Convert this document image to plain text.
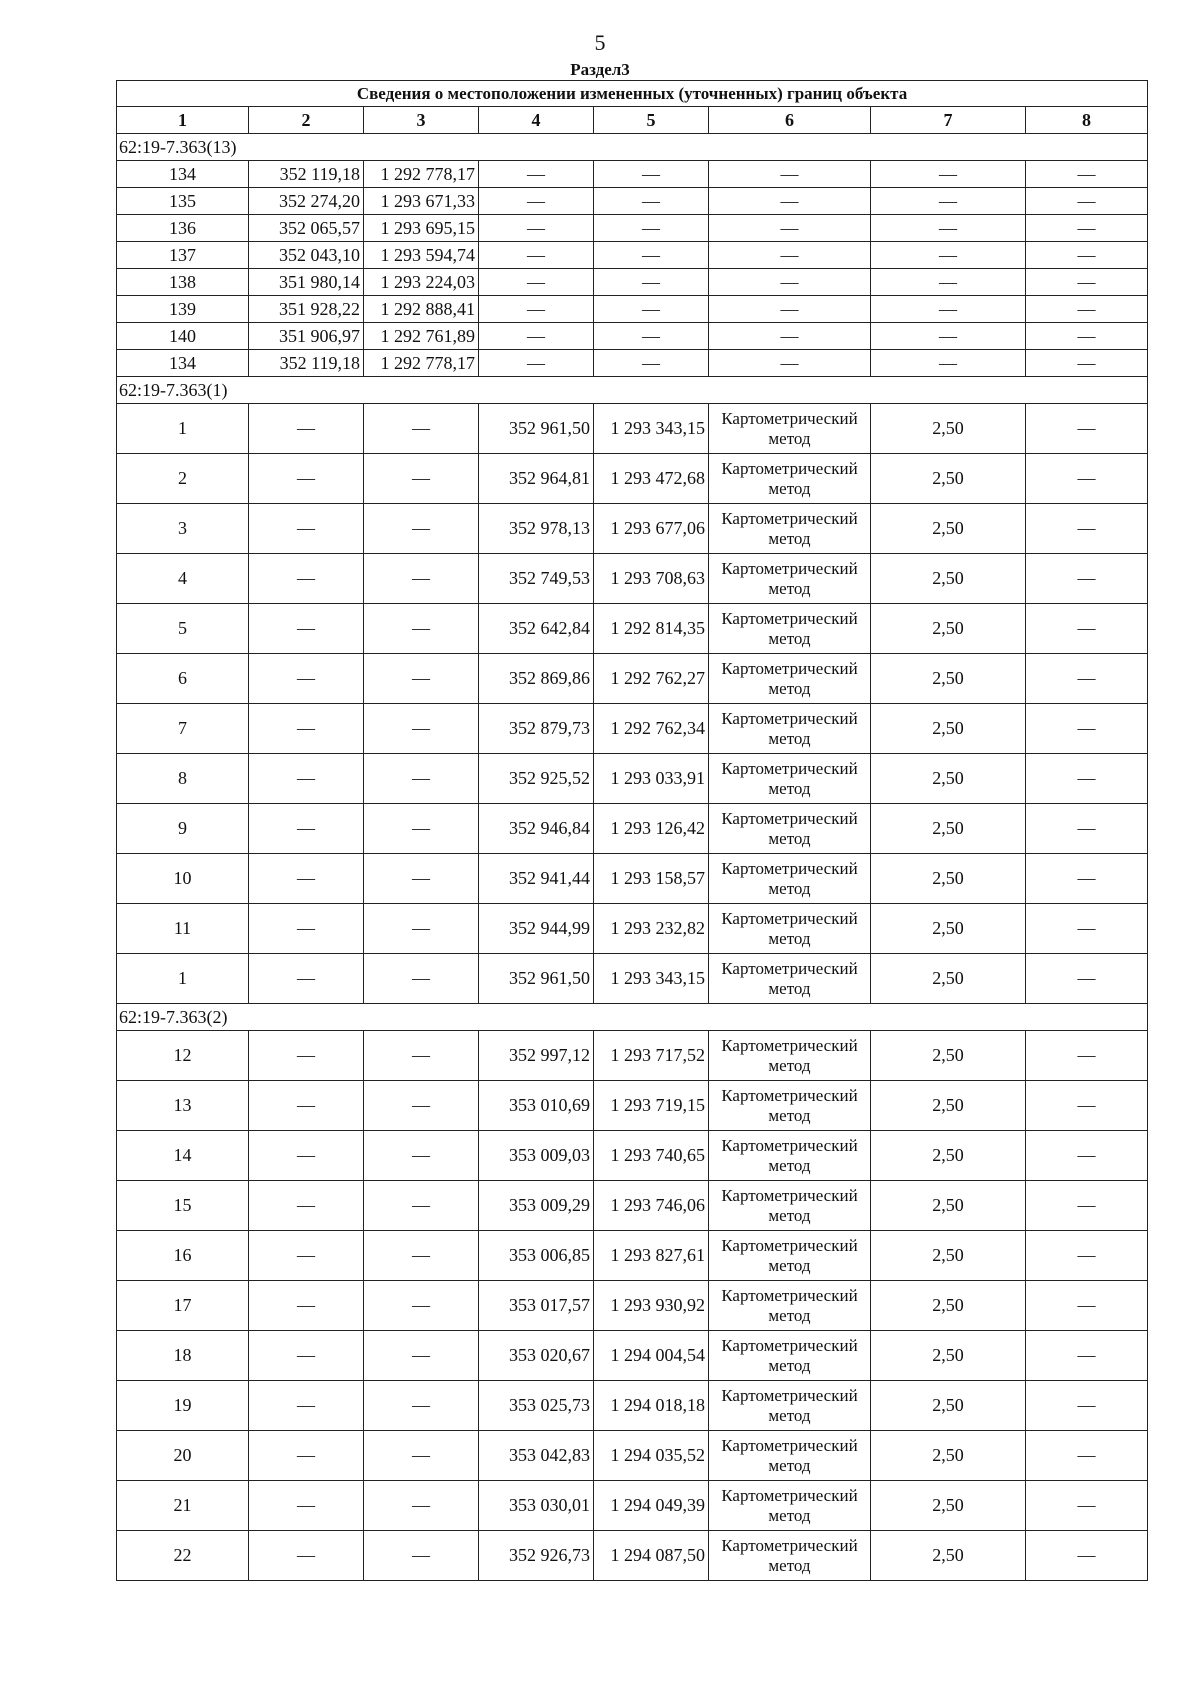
5
Раздел3
Сведения о местоположении измененных (уточненных) границ объекта							
1	2	3	4	5	6	7	8
62:19-7.363(13)							
134	352 119,18	1 292 778,17	—	—	—	—	—
135	352 274,20	1 293 671,33	—	—	—	—	—
136	352 065,57	1 293 695,15	—	—	—	—	—
137	352 043,10	1 293 594,74	—	—	—	—	—
138	351 980,14	1 293 224,03	—	—	—	—	—
139	351 928,22	1 292 888,41	—	—	—	—	—
140	351 906,97	1 292 761,89	—	—	—	—	—
134	352 119,18	1 292 778,17	—	—	—	—	—
62:19-7.363(1)							
1	—	—	352 961,50	1 293 343,15	Картометрический метод	2,50	—
2	—	—	352 964,81	1 293 472,68	Картометрический метод	2,50	—
3	—	—	352 978,13	1 293 677,06	Картометрический метод	2,50	—
4	—	—	352 749,53	1 293 708,63	Картометрический метод	2,50	—
5	—	—	352 642,84	1 292 814,35	Картометрический метод	2,50	—
6	—	—	352 869,86	1 292 762,27	Картометрический метод	2,50	—
7	—	—	352 879,73	1 292 762,34	Картометрический метод	2,50	—
8	—	—	352 925,52	1 293 033,91	Картометрический метод	2,50	—
9	—	—	352 946,84	1 293 126,42	Картометрический метод	2,50	—
10	—	—	352 941,44	1 293 158,57	Картометрический метод	2,50	—
11	—	—	352 944,99	1 293 232,82	Картометрический метод	2,50	—
1	—	—	352 961,50	1 293 343,15	Картометрический метод	2,50	—
62:19-7.363(2)							
12	—	—	352 997,12	1 293 717,52	Картометрический метод	2,50	—
13	—	—	353 010,69	1 293 719,15	Картометрический метод	2,50	—
14	—	—	353 009,03	1 293 740,65	Картометрический метод	2,50	—
15	—	—	353 009,29	1 293 746,06	Картометрический метод	2,50	—
16	—	—	353 006,85	1 293 827,61	Картометрический метод	2,50	—
17	—	—	353 017,57	1 293 930,92	Картометрический метод	2,50	—
18	—	—	353 020,67	1 294 004,54	Картометрический метод	2,50	—
19	—	—	353 025,73	1 294 018,18	Картометрический метод	2,50	—
20	—	—	353 042,83	1 294 035,52	Картометрический метод	2,50	—
21	—	—	353 030,01	1 294 049,39	Картометрический метод	2,50	—
22	—	—	352 926,73	1 294 087,50	Картометрический метод	2,50	—
